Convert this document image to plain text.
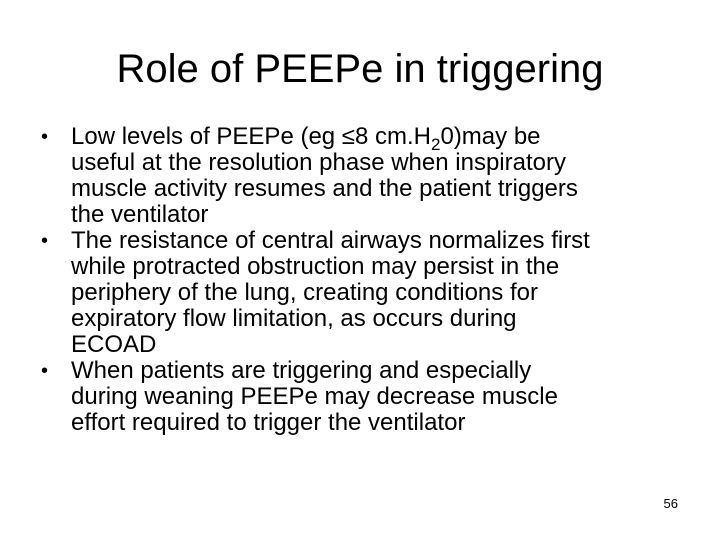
Role of PEEPe in triggering
• Low levels of PEEPe (eg ≤8 $cm.H_20)may$ be
useful at the resolution phase when inspiratory
muscle activity resumes and the patient triggers
the ventilator
• The resistance of central airways normalizes first
while protracted obstruction may persist in the
periphery of the lung, creating conditions for
expiratory flow limitation, as occurs during
ECOAD
• When patients are triggering and especially
during weaning PEEPe may decrease muscle
effort required to trigger the ventilator
56
